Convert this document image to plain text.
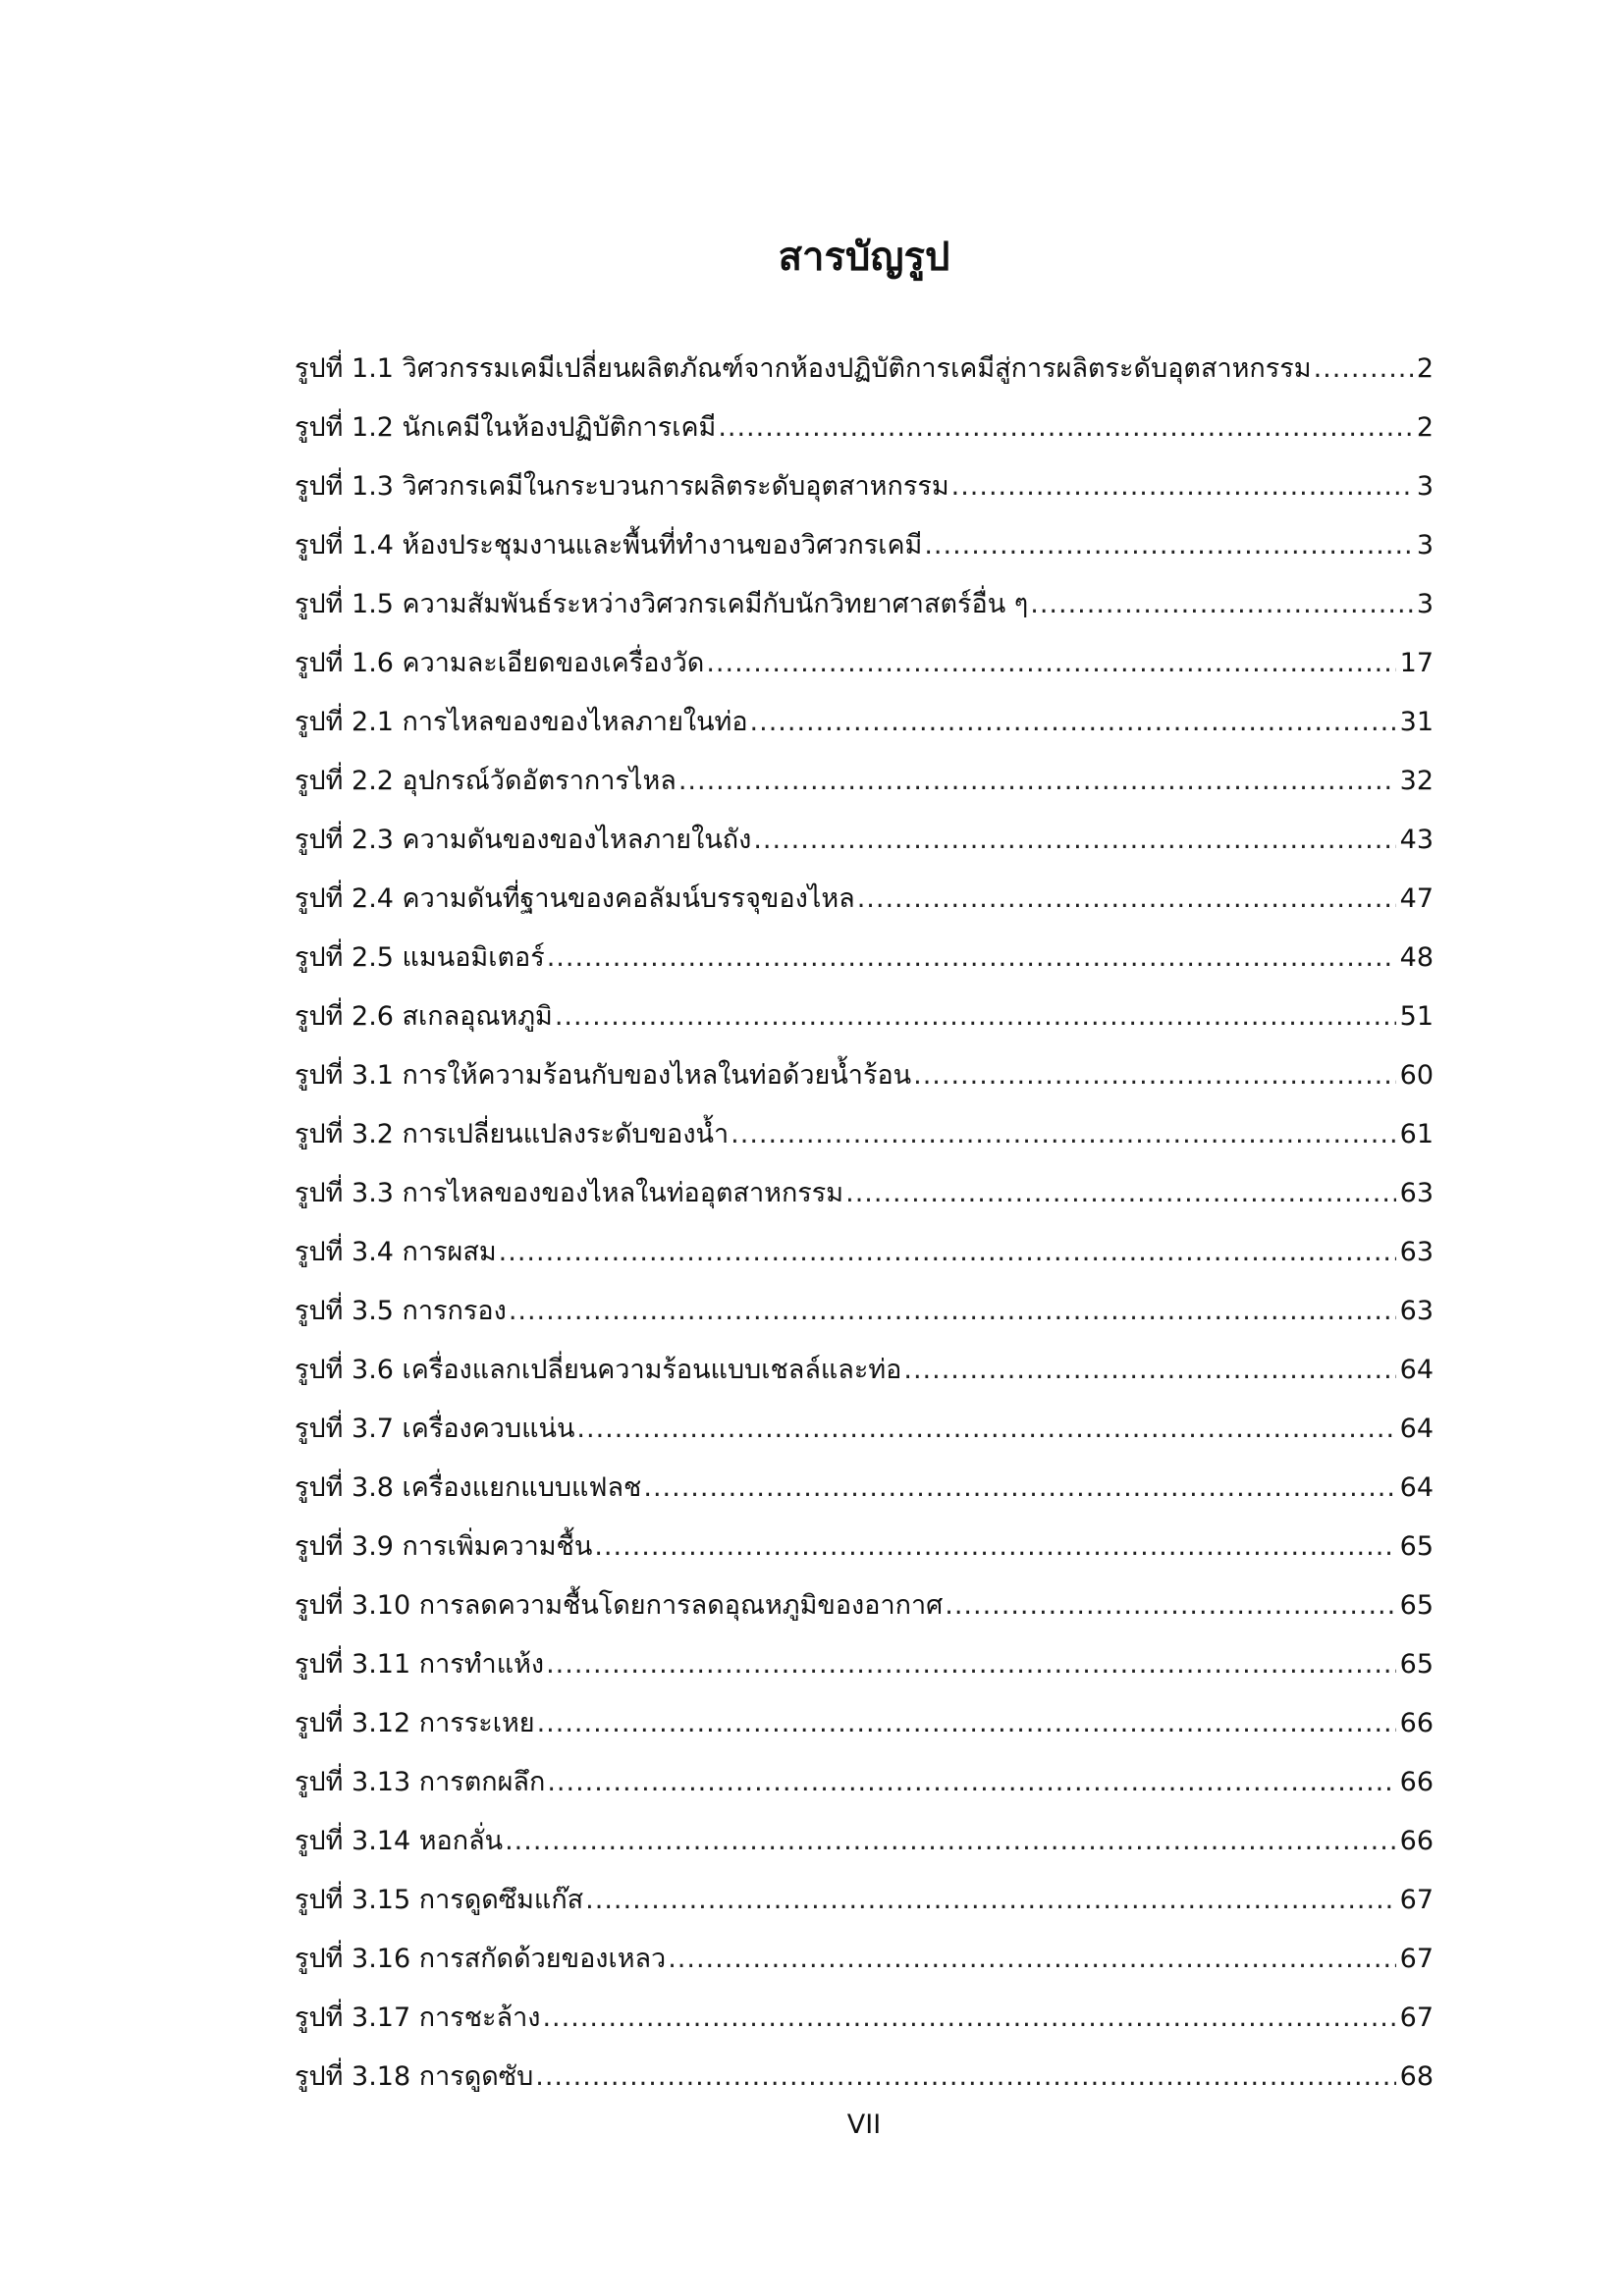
สารบัญรูป
รูปที่ 1.1 วิศวกรรมเคมีเปลี่ยนผลิตภัณฑ์จากห้องปฏิบัติการเคมีสู่การผลิตระดับอุตสาหกรรม .....	2
รูปที่ 1.2 นักเคมีในห้องปฏิบัติการเคมี .....	2
รูปที่ 1.3 วิศวกรเคมีในกระบวนการผลิตระดับอุตสาหกรรม .....	3
รูปที่ 1.4 ห้องประชุมงานและพื้นที่ทำงานของวิศวกรเคมี .....	3
รูปที่ 1.5 ความสัมพันธ์ระหว่างวิศวกรเคมีกับนักวิทยาศาสตร์อื่น ๆ .....	3
รูปที่ 1.6 ความละเอียดของเครื่องวัด .....	17
รูปที่ 2.1 การไหลของของไหลภายในท่อ .....	31
รูปที่ 2.2 อุปกรณ์วัดอัตราการไหล .....	32
รูปที่ 2.3 ความดันของของไหลภายในถัง .....	43
รูปที่ 2.4 ความดันที่ฐานของคอลัมน์บรรจุของไหล .....	47
รูปที่ 2.5 แมนอมิเตอร์ .....	48
รูปที่ 2.6 สเกลอุณหภูมิ .....	51
รูปที่ 3.1 การให้ความร้อนกับของไหลในท่อด้วยน้ำร้อน .....	60
รูปที่ 3.2 การเปลี่ยนแปลงระดับของน้ำ .....	61
รูปที่ 3.3 การไหลของของไหลในท่ออุตสาหกรรม .....	63
รูปที่ 3.4 การผสม .....	63
รูปที่ 3.5 การกรอง .....	63
รูปที่ 3.6 เครื่องแลกเปลี่ยนความร้อนแบบเชลล์และท่อ .....	64
รูปที่ 3.7 เครื่องควบแน่น .....	64
รูปที่ 3.8 เครื่องแยกแบบแฟลช .....	64
รูปที่ 3.9 การเพิ่มความชื้น .....	65
รูปที่ 3.10 การลดความชื้นโดยการลดอุณหภูมิของอากาศ .....	65
รูปที่ 3.11 การทำแห้ง .....	65
รูปที่ 3.12 การระเหย .....	66
รูปที่ 3.13 การตกผลึก .....	66
รูปที่ 3.14 หอกลั่น .....	66
รูปที่ 3.15 การดูดซึมแก๊ส .....	67
รูปที่ 3.16 การสกัดด้วยของเหลว .....	67
รูปที่ 3.17 การชะล้าง .....	67
รูปที่ 3.18 การดูดซับ .....	68
VII
